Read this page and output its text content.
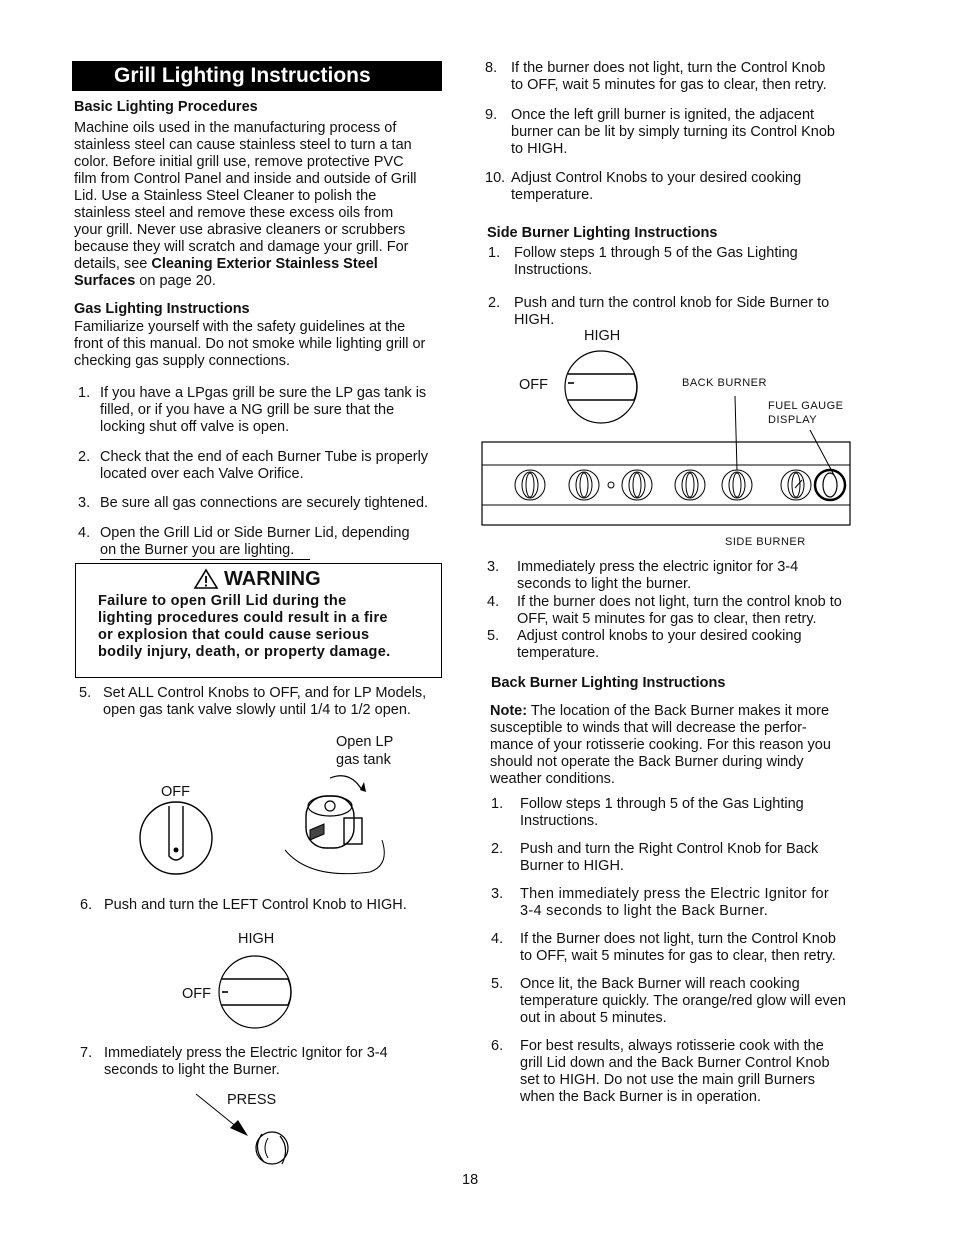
Grill Lighting Instructions
Basic Lighting Procedures
Machine oils used in the manufacturing process of
stainless steel can cause stainless steel to turn a tan
color. Before initial grill use, remove protective PVC
film from Control Panel and inside and outside of Grill
Lid. Use a Stainless Steel Cleaner to polish the
stainless steel and remove these excess oils from
your grill. Never use abrasive cleaners or scrubbers
because they will scratch and damage your grill. For
details, see Cleaning Exterior Stainless Steel
Surfaces on page 20.
Gas Lighting Instructions
Familiarize yourself with the safety guidelines at the
front of this manual. Do not smoke while lighting grill or
checking gas supply connections.
1. If you have a LPgas grill be sure the LP gas tank is
filled, or if you have a NG grill be sure that the
locking shut off valve is open.
2. Check that the end of each Burner Tube is properly
located over each Valve Orifice.
3. Be sure all gas connections are securely tightened.
4. Open the Grill Lid or Side Burner Lid, depending
on the Burner you are lighting.
WARNING
Failure to open Grill Lid during the
lighting procedures could result in a fire
or explosion that could cause serious
bodily injury, death, or property damage.
5. Set ALL Control Knobs to OFF, and for LP Models,
open gas tank valve slowly until 1/4 to 1/2 open.
Open LP
gas tank
OFF
6. Push and turn the LEFT Control Knob to HIGH.
HIGH
OFF
7. Immediately press the Electric Ignitor for 3-4
seconds to light the Burner.
PRESS
8. If the burner does not light, turn the Control Knob
to OFF, wait 5 minutes for gas to clear, then retry.
9. Once the left grill burner is ignited, the adjacent
burner can be lit by simply turning its Control Knob
to HIGH.
10. Adjust Control Knobs to your desired cooking
temperature.
Side Burner Lighting Instructions
1. Follow steps 1 through 5 of the Gas Lighting
Instructions.
2. Push and turn the control knob for Side Burner to
HIGH.
HIGH
OFF	BACK BURNER
FUEL GAUGE
DISPLAY
SIDE BURNER
3. Immediately press the electric ignitor for 3-4
seconds to light the burner.
4. If the burner does not light, turn the control knob to
OFF, wait 5 minutes for gas to clear, then retry.
5. Adjust control knobs to your desired cooking
temperature.
Back Burner Lighting Instructions
Note: The location of the Back Burner makes it more
susceptible to winds that will decrease the perfor-
mance of your rotisserie cooking. For this reason you
should not operate the Back Burner during windy
weather conditions.
1. Follow steps 1 through 5 of the Gas Lighting
Instructions.
2. Push and turn the Right Control Knob for Back
Burner to HIGH.
3. Then immediately press the Electric Ignitor for
3-4 seconds to light the Back Burner.
4. If the Burner does not light, turn the Control Knob
to OFF, wait 5 minutes for gas to clear, then retry.
5. Once lit, the Back Burner will reach cooking
temperature quickly. The orange/red glow will even
out in about 5 minutes.
6. For best results, always rotisserie cook with the
grill Lid down and the Back Burner Control Knob
set to HIGH. Do not use the main grill Burners
when the Back Burner is in operation.
18
